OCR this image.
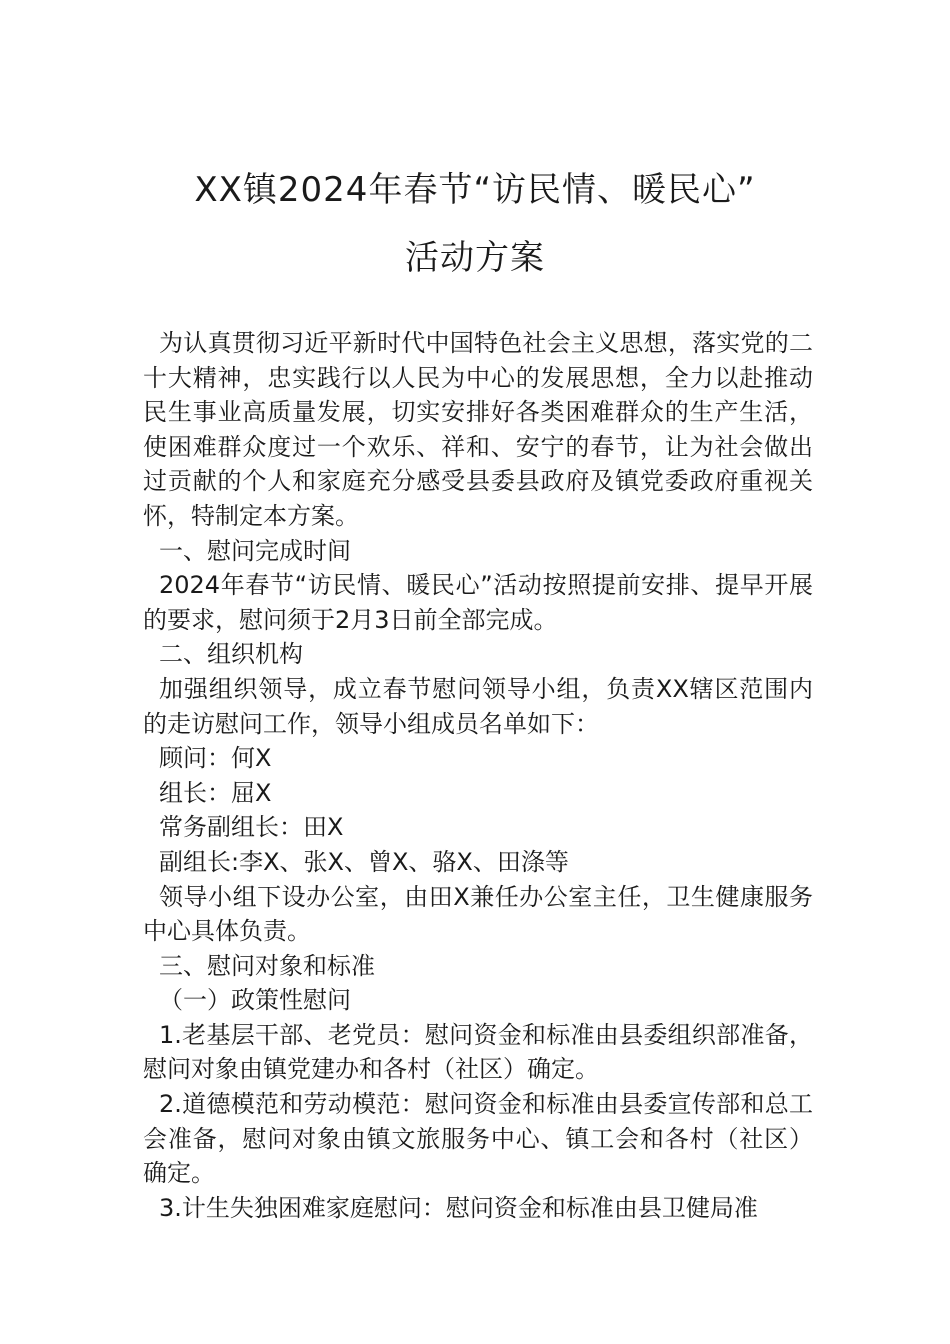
XX镇2024年春节“访民情、暖民心”
活动方案

为认真贯彻习近平新时代中国特色社会主义思想，落实党的二十大精神，忠实践行以人民为中心的发展思想，全力以赴推动民生事业高质量发展，切实安排好各类困难群众的生产生活，使困难群众度过一个欢乐、祥和、安宁的春节，让为社会做出过贡献的个人和家庭充分感受县委县政府及镇党委政府重视关怀，特制定本方案。

一、慰问完成时间

2024年春节“访民情、暖民心”活动按照提前安排、提早开展的要求，慰问须于2月3日前全部完成。

二、组织机构

加强组织领导，成立春节慰问领导小组，负责XX辖区范围内的走访慰问工作，领导小组成员名单如下：

顾问：何X

组长：屈X

常务副组长：田X

副组长:李X、张X、曾X、骆X、田涤等

领导小组下设办公室，由田X兼任办公室主任，卫生健康服务中心具体负责。

三、慰问对象和标准

（一）政策性慰问

1.老基层干部、老党员：慰问资金和标准由县委组织部准备，慰问对象由镇党建办和各村（社区）确定。

2.道德模范和劳动模范：慰问资金和标准由县委宣传部和总工会准备，慰问对象由镇文旅服务中心、镇工会和各村（社区）确定。

3.计生失独困难家庭慰问：慰问资金和标准由县卫健局准
